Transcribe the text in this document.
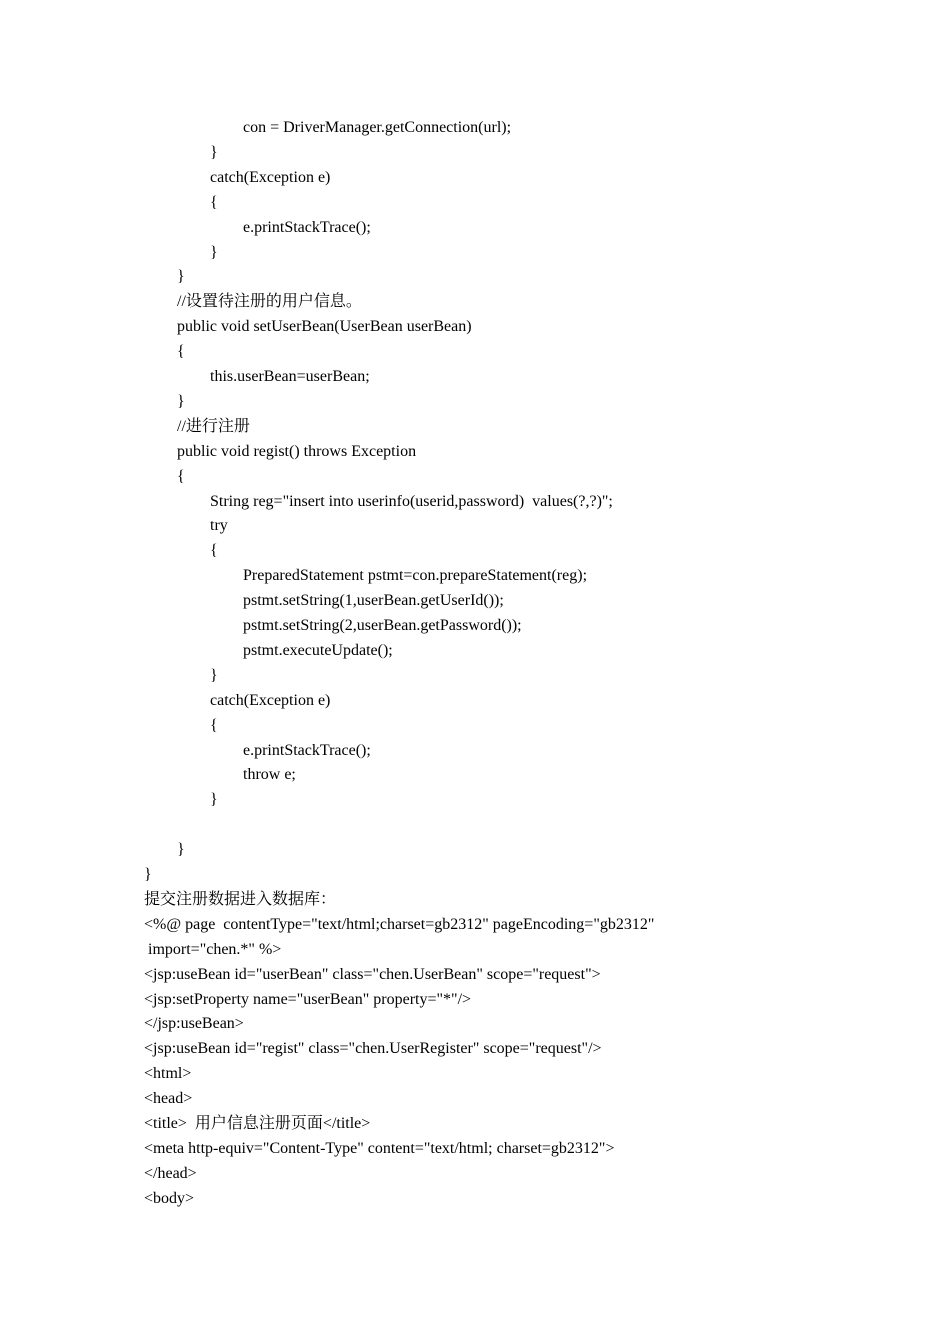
con = DriverManager.getConnection(url);
}
catch(Exception e)
{
e.printStackTrace();
}
}
//设置待注册的用户信息。
public void setUserBean(UserBean userBean)
{
this.userBean=userBean;
}
//进行注册
public void regist() throws Exception
{
String reg="insert into userinfo(userid,password)  values(?,?)";
try
{
PreparedStatement pstmt=con.prepareStatement(reg);
pstmt.setString(1,userBean.getUserId());
pstmt.setString(2,userBean.getPassword());
pstmt.executeUpdate();
}
catch(Exception e)
{
e.printStackTrace();
throw e;
}
}
}
提交注册数据进入数据库：
<%@ page  contentType="text/html;charset=gb2312" pageEncoding="gb2312"
import="chen.*" %>
<jsp:useBean id="userBean" class="chen.UserBean" scope="request">
<jsp:setProperty name="userBean" property="*"/>
</jsp:useBean>
<jsp:useBean id="regist" class="chen.UserRegister" scope="request"/>
<html>
<head>
<title>  用户信息注册页面</title>
<meta http-equiv="Content-Type" content="text/html; charset=gb2312">
</head>
<body>
